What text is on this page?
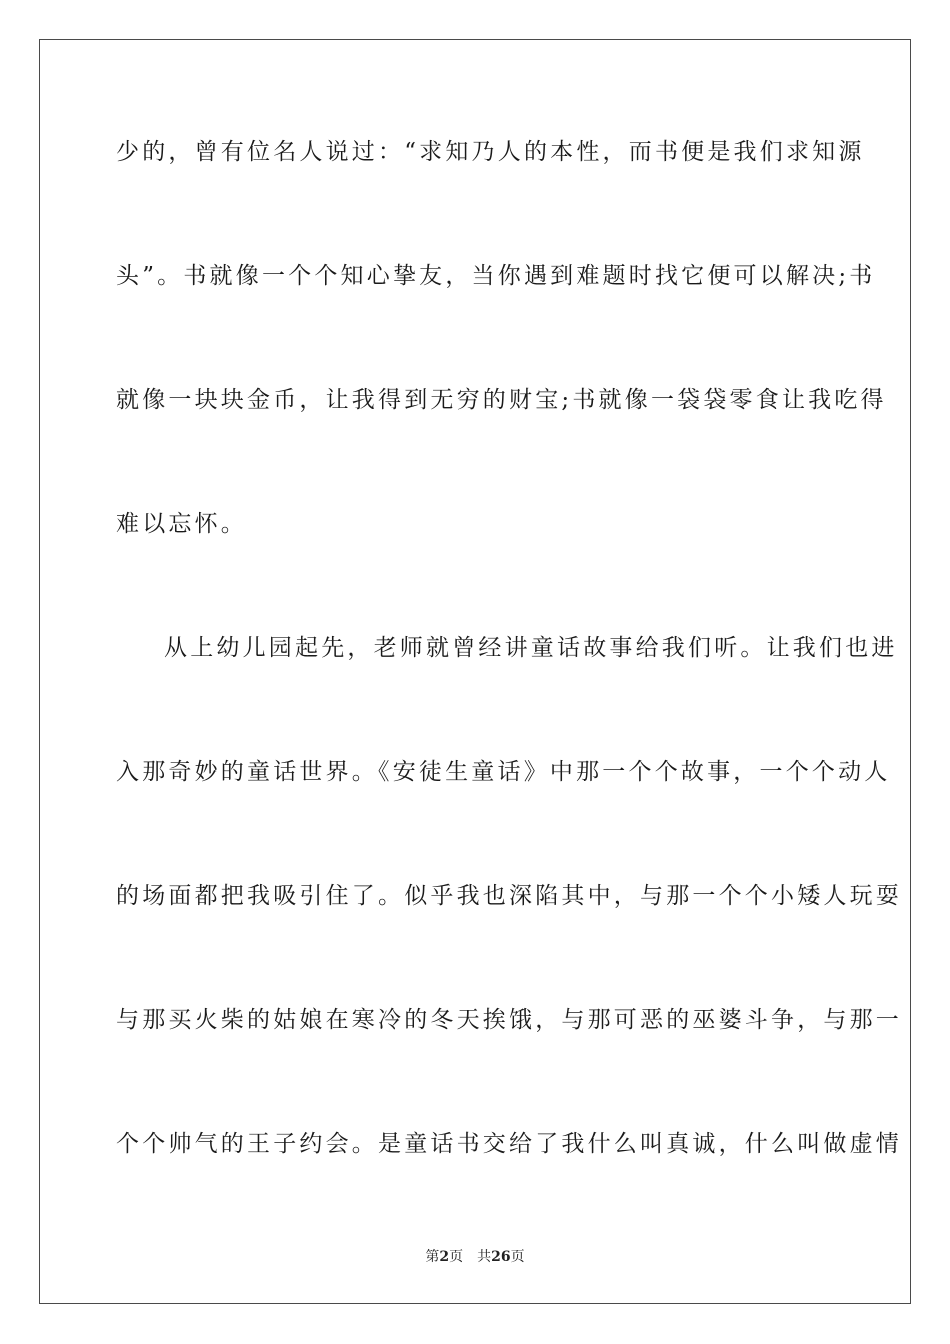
少的，曾有位名人说过：“求知乃人的本性，而书便是我们求知源
头”。书就像一个个知心挚友，当你遇到难题时找它便可以解决;书
就像一块块金币，让我得到无穷的财宝;书就像一袋袋零食让我吃得
难以忘怀。
从上幼儿园起先，老师就曾经讲童话故事给我们听。让我们也进
入那奇妙的童话世界。《安徒生童话》中那一个个故事，一个个动人
的场面都把我吸引住了。似乎我也深陷其中，与那一个个小矮人玩耍
与那买火柴的姑娘在寒冷的冬天挨饿，与那可恶的巫婆斗争，与那一
个个帅气的王子约会。是童话书交给了我什么叫真诚，什么叫做虚情
第2页 共26页
